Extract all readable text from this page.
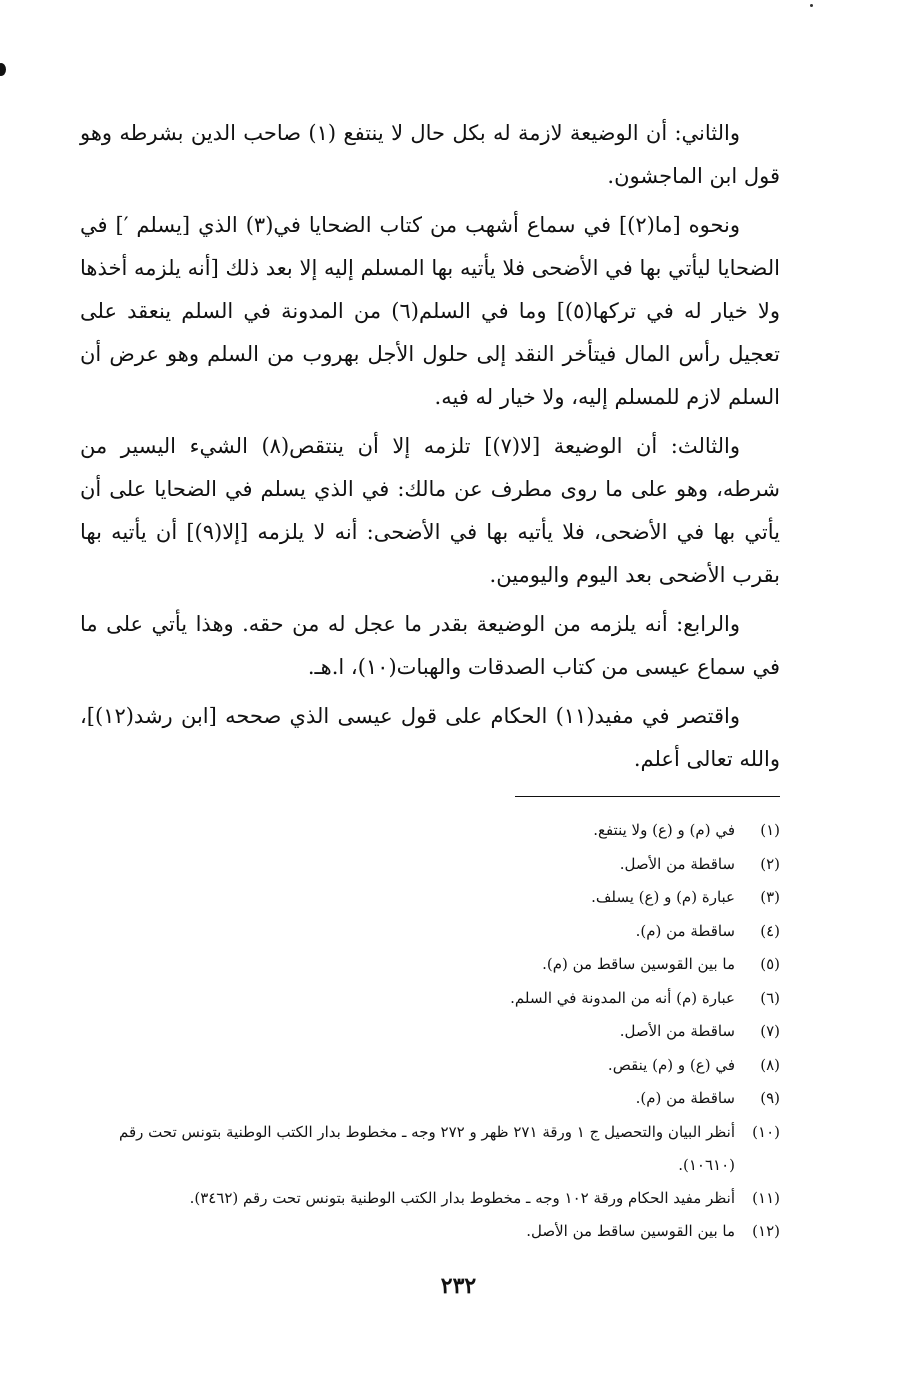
والثاني: أن الوضيعة لازمة له بكل حال لا ينتفع (١) صاحب الدين بشرطه وهو قول ابن الماجشون.

ونحوه [ما(٢)] في سماع أشهب من كتاب الضحايا في(٣) الذي [يسلم ′] في الضحايا ليأتي بها في الأضحى فلا يأتيه بها المسلم إليه إلا بعد ذلك [أنه يلزمه أخذها ولا خيار له في تركها(٥)] وما في السلم(٦) من المدونة في السلم ينعقد على تعجيل رأس المال فيتأخر النقد إلى حلول الأجل بهروب من السلم وهو عرض أن السلم لازم للمسلم إليه، ولا خيار له فيه.

والثالث: أن الوضيعة [لا(٧)] تلزمه إلا أن ينتقص(٨) الشيء اليسير من شرطه، وهو على ما روى مطرف عن مالك: في الذي يسلم في الضحايا على أن يأتي بها في الأضحى، فلا يأتيه بها في الأضحى: أنه لا يلزمه [إلا(٩)] أن يأتيه بها بقرب الأضحى بعد اليوم واليومين.

والرابع: أنه يلزمه من الوضيعة بقدر ما عجل له من حقه. وهذا يأتي على ما في سماع عيسى من كتاب الصدقات والهبات(١٠)، ا.هـ.

واقتصر في مفيد(١١) الحكام على قول عيسى الذي صححه [ابن رشد(١٢)]، والله تعالى أعلم.

(١)
في (م) و (ع) ولا ينتفع.
(٢)
ساقطة من الأصل.
(٣)
عبارة (م) و (ع) يسلف.
(٤)
ساقطة من (م).
(٥)
ما بين القوسين ساقط من (م).
(٦)
عبارة (م) أنه من المدونة في السلم.
(٧)
ساقطة من الأصل.
(٨)
في (ع) و (م) ينقص.
(٩)
ساقطة من (م).
(١٠)
أنظر البيان والتحصيل ج ١ ورقة ٢٧١ ظهر و ٢٧٢ وجه ـ مخطوط بدار الكتب الوطنية بتونس تحت رقم (١٠٦١٠).
(١١)
أنظر مفيد الحكام ورقة ١٠٢ وجه ـ مخطوط بدار الكتب الوطنية بتونس تحت رقم (٣٤٦٢).
(١٢)
ما بين القوسين ساقط من الأصل.
٢٣٢
